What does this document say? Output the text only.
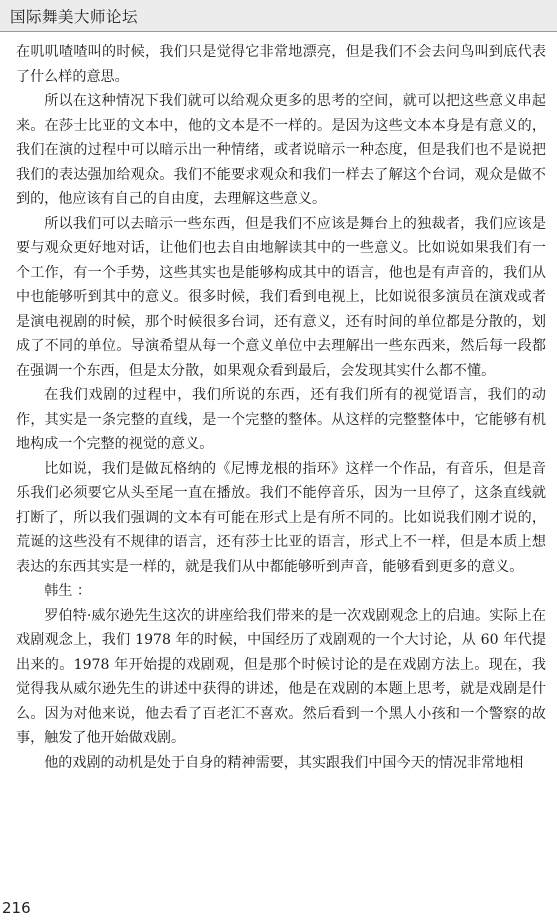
国际舞美大师论坛

在叽叽喳喳叫的时候，我们只是觉得它非常地漂亮，但是我们不会去问鸟叫到底代表了什么样的意思。

所以在这种情况下我们就可以给观众更多的思考的空间，就可以把这些意义串起来。在莎士比亚的文本中，他的文本是不一样的。是因为这些文本本身是有意义的，我们在演的过程中可以暗示出一种情绪，或者说暗示一种态度，但是我们也不是说把我们的表达强加给观众。我们不能要求观众和我们一样去了解这个台词，观众是做不到的，他应该有自己的自由度，去理解这些意义。

所以我们可以去暗示一些东西，但是我们不应该是舞台上的独裁者，我们应该是要与观众更好地对话，让他们也去自由地解读其中的一些意义。比如说如果我们有一个工作，有一个手势，这些其实也是能够构成其中的语言，他也是有声音的，我们从中也能够听到其中的意义。很多时候，我们看到电视上，比如说很多演员在演戏或者是演电视剧的时候，那个时候很多台词，还有意义，还有时间的单位都是分散的，划成了不同的单位。导演希望从每一个意义单位中去理解出一些东西来，然后每一段都在强调一个东西，但是太分散，如果观众看到最后，会发现其实什么都不懂。

在我们戏剧的过程中，我们所说的东西，还有我们所有的视觉语言，我们的动作，其实是一条完整的直线，是一个完整的整体。从这样的完整整体中，它能够有机地构成一个完整的视觉的意义。

比如说，我们是做瓦格纳的《尼博龙根的指环》这样一个作品，有音乐，但是音乐我们必须要它从头至尾一直在播放。我们不能停音乐，因为一旦停了，这条直线就打断了，所以我们强调的文本有可能在形式上是有所不同的。比如说我们刚才说的，荒诞的这些没有不规律的语言，还有莎士比亚的语言，形式上不一样，但是本质上想表达的东西其实是一样的，就是我们从中都能够听到声音，能够看到更多的意义。

韩生 ：

罗伯特·威尔逊先生这次的讲座给我们带来的是一次戏剧观念上的启迪。实际上在戏剧观念上，我们 1978 年的时候，中国经历了戏剧观的一个大讨论，从 60 年代提出来的。1978 年开始提的戏剧观，但是那个时候讨论的是在戏剧方法上。现在，我觉得我从威尔逊先生的讲述中获得的讲述，他是在戏剧的本题上思考，就是戏剧是什么。因为对他来说，他去看了百老汇不喜欢。然后看到一个黑人小孩和一个警察的故事，触发了他开始做戏剧。

他的戏剧的动机是处于自身的精神需要，其实跟我们中国今天的情况非常地相

216
